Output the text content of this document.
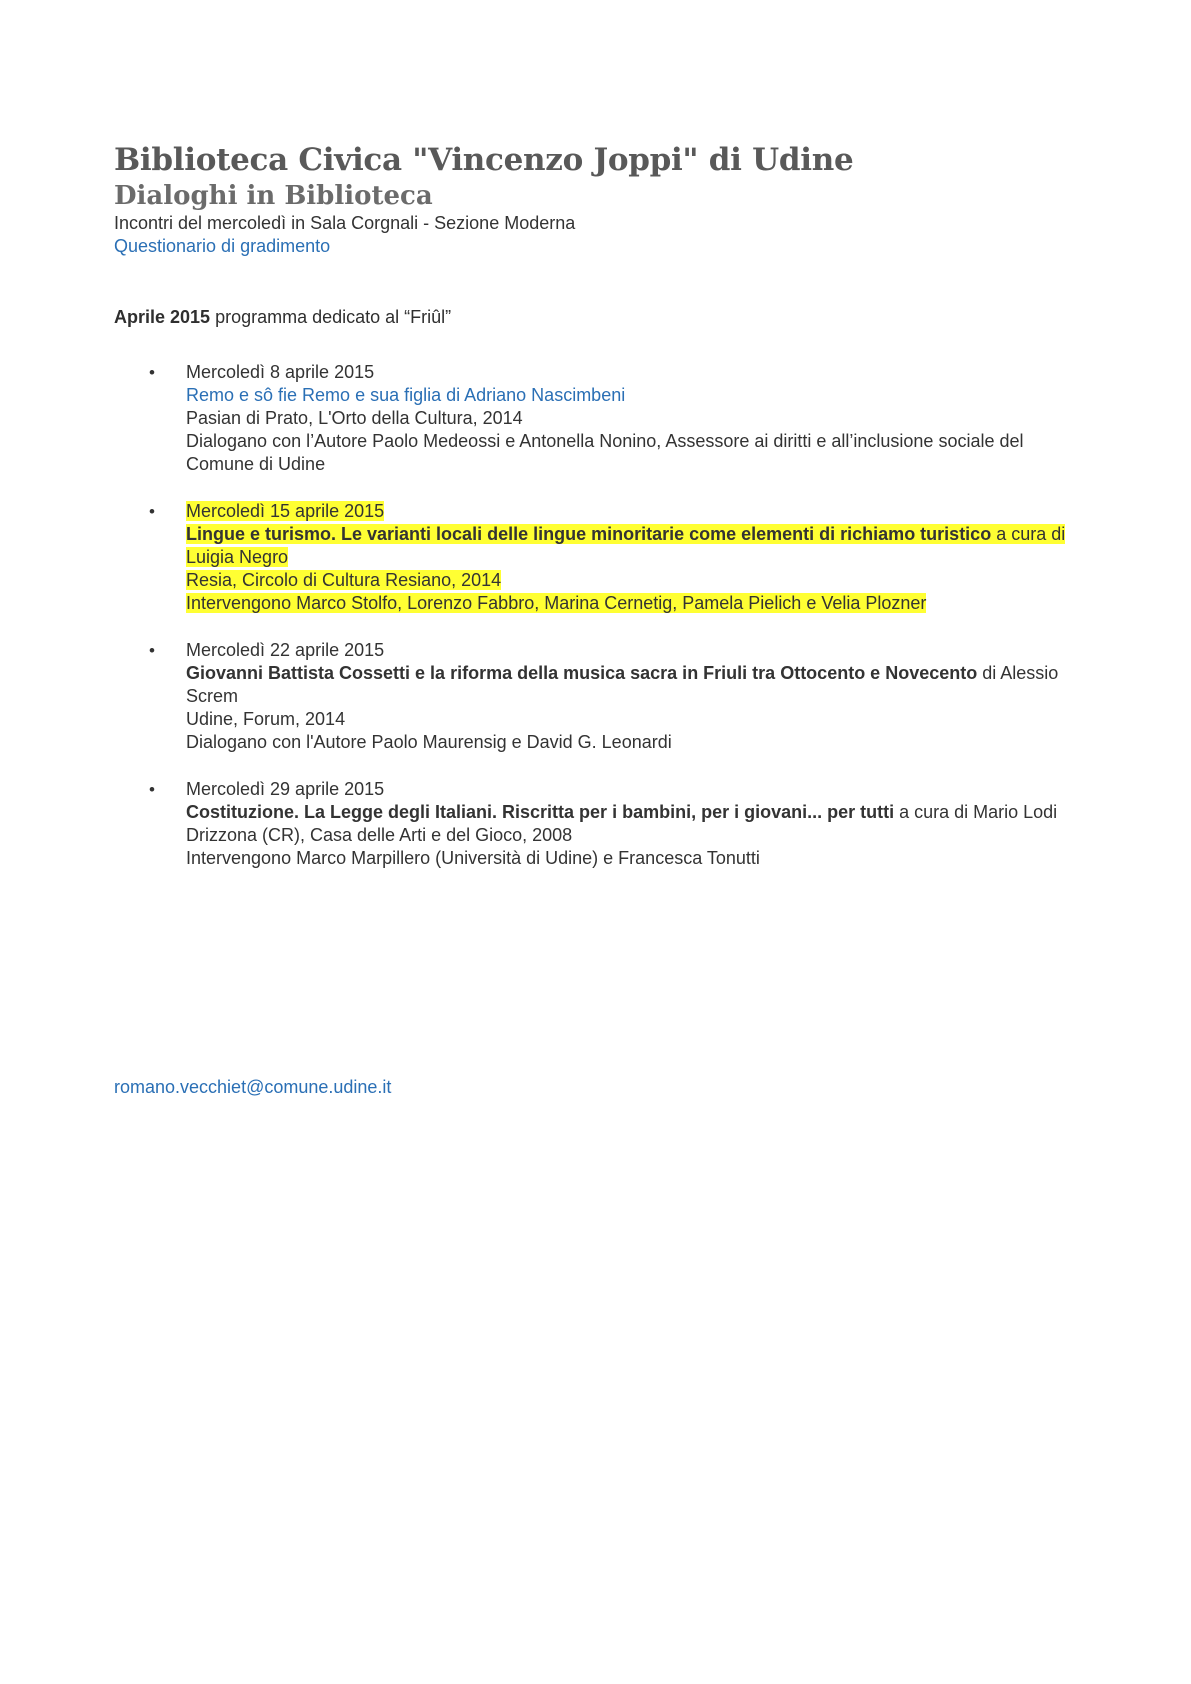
Biblioteca Civica "Vincenzo Joppi" di Udine
Dialoghi in Biblioteca
Incontri del mercoledì in Sala Corgnali - Sezione Moderna
Questionario di gradimento
Aprile 2015 programma dedicato al “Friûl”
• Mercoledì 8 aprile 2015
Remo e sô fie Remo e sua figlia di Adriano Nascimbeni
Pasian di Prato, L'Orto della Cultura, 2014
Dialogano con l’Autore Paolo Medeossi e Antonella Nonino, Assessore ai diritti e all’inclusione sociale del Comune di Udine
• Mercoledì 15 aprile 2015
Lingue e turismo. Le varianti locali delle lingue minoritarie come elementi di richiamo turistico a cura di Luigia Negro
Resia, Circolo di Cultura Resiano, 2014
Intervengono Marco Stolfo, Lorenzo Fabbro, Marina Cernetig, Pamela Pielich e Velia Plozner
• Mercoledì 22 aprile 2015
Giovanni Battista Cossetti e la riforma della musica sacra in Friuli tra Ottocento e Novecento di Alessio Screm
Udine, Forum, 2014
Dialogano con l'Autore Paolo Maurensig e David G. Leonardi
• Mercoledì 29 aprile 2015
Costituzione. La Legge degli Italiani. Riscritta per i bambini, per i giovani... per tutti a cura di Mario Lodi
Drizzona (CR), Casa delle Arti e del Gioco, 2008
Intervengono Marco Marpillero (Università di Udine) e Francesca Tonutti
romano.vecchiet@comune.udine.it
